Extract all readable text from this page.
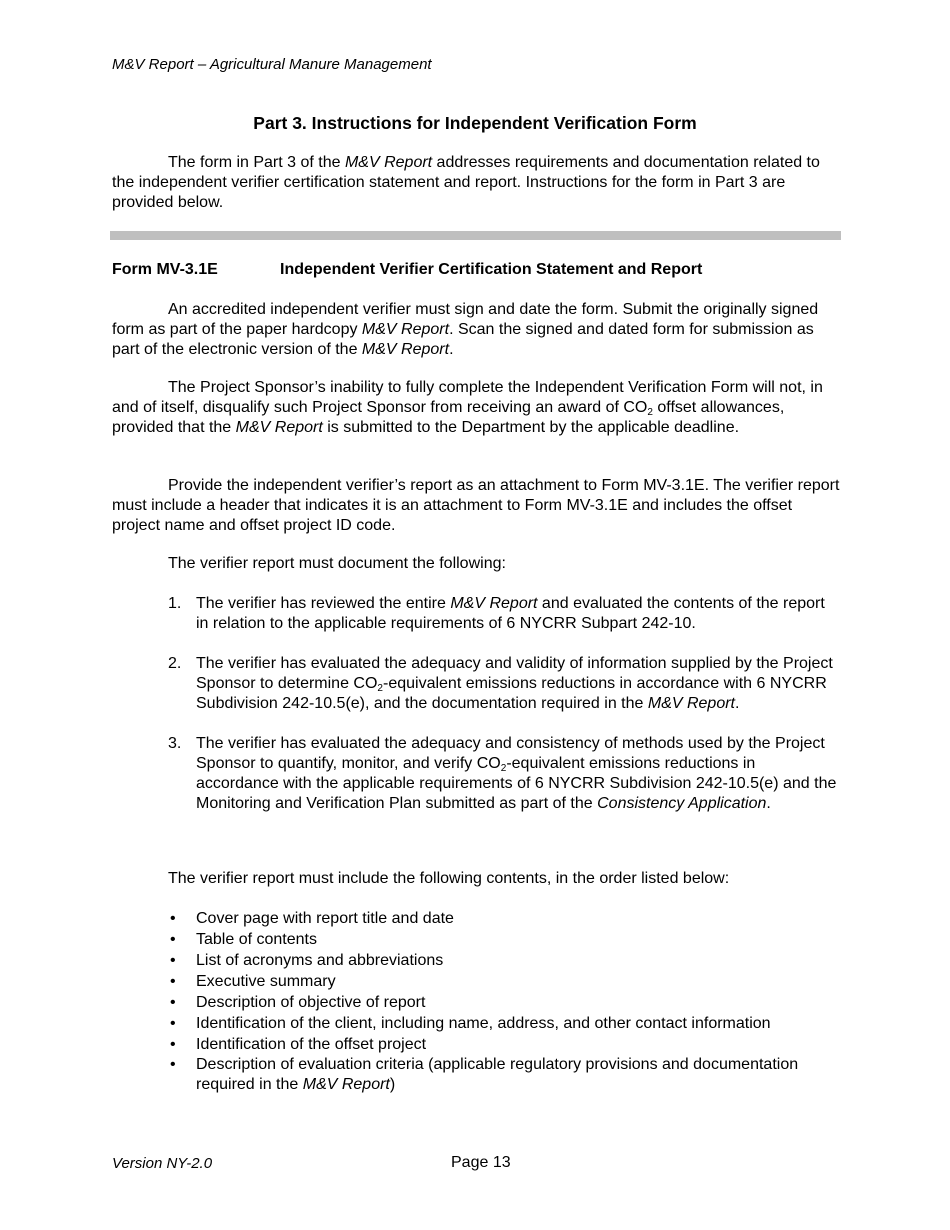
M&V Report – Agricultural Manure Management
Part 3. Instructions for Independent Verification Form

The form in Part 3 of the M&V Report addresses requirements and documentation related to the independent verifier certification statement and report. Instructions for the form in Part 3 are provided below.

Form MV-3.1E	Independent Verifier Certification Statement and Report

An accredited independent verifier must sign and date the form. Submit the originally signed form as part of the paper hardcopy M&V Report. Scan the signed and dated form for submission as part of the electronic version of the M&V Report.

The Project Sponsor’s inability to fully complete the Independent Verification Form will not, in and of itself, disqualify such Project Sponsor from receiving an award of $CO_2$ offset allowances, provided that the M&V Report is submitted to the Department by the applicable deadline.

Provide the independent verifier’s report as an attachment to Form MV-3.1E. The verifier report must include a header that indicates it is an attachment to Form MV-3.1E and includes the offset project name and offset project ID code.

The verifier report must document the following:
1. The verifier has reviewed the entire M&V Report and evaluated the contents of the report in relation to the applicable requirements of 6 NYCRR Subpart 242-10.
2. The verifier has evaluated the adequacy and validity of information supplied by the Project Sponsor to determine $CO_2$-equivalent emissions reductions in accordance with 6 NYCRR Subdivision 242-10.5(e), and the documentation required in the M&V Report.
3. The verifier has evaluated the adequacy and consistency of methods used by the Project Sponsor to quantify, monitor, and verify $CO_2$-equivalent emissions reductions in accordance with the applicable requirements of 6 NYCRR Subdivision 242-10.5(e) and the Monitoring and Verification Plan submitted as part of the Consistency Application.
The verifier report must include the following contents, in the order listed below:
• Cover page with report title and date
• Table of contents
• List of acronyms and abbreviations
• Executive summary
• Description of objective of report
• Identification of the client, including name, address, and other contact information
• Identification of the offset project
• Description of evaluation criteria (applicable regulatory provisions and documentation required in the M&V Report)
Version NY-2.0	Page 13
